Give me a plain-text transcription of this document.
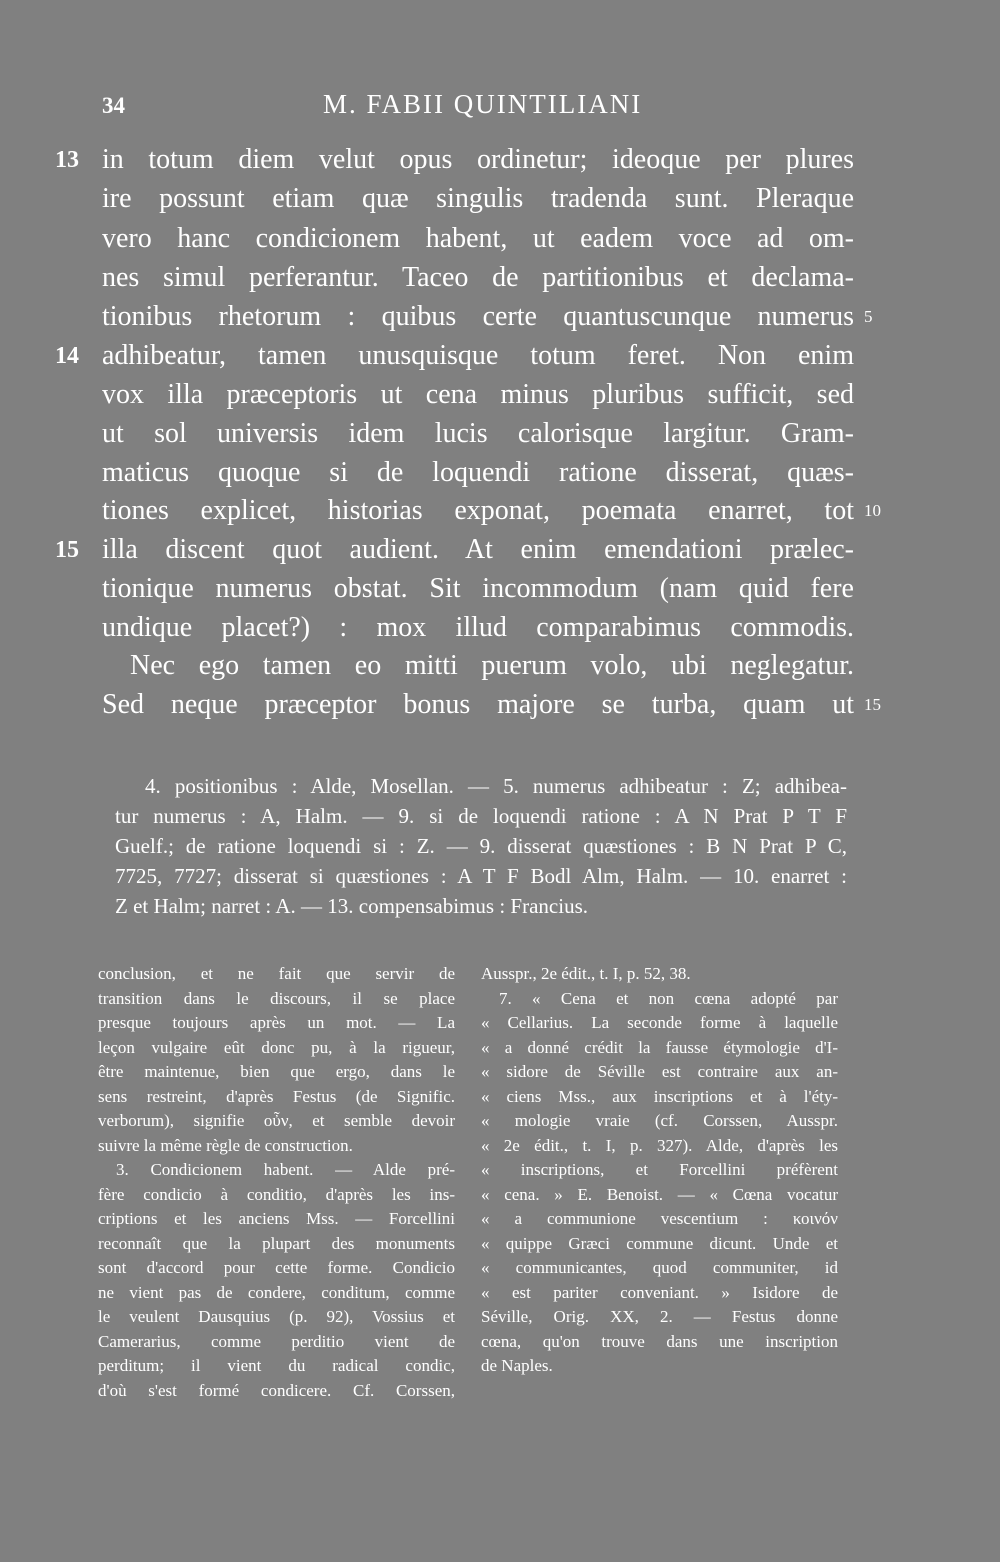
34	M. FABII QUINTILIANI
13
14
15
in totum diem velut opus ordinetur; ideoque per plures
ire possunt etiam quæ singulis tradenda sunt. Pleraque
vero hanc condicionem habent, ut eadem voce ad om-
nes simul perferantur. Taceo de partitionibus et declama-
tionibus rhetorum : quibus certe quantuscunque numerus
adhibeatur, tamen unusquisque totum feret. Non enim
vox illa præceptoris ut cena minus pluribus sufficit, sed
ut sol universis idem lucis calorisque largitur. Gram-
maticus quoque si de loquendi ratione disserat, quæs-
tiones explicet, historias exponat, poemata enarret, tot
illa discent quot audient. At enim emendationi prælec-
tionique numerus obstat. Sit incommodum (nam quid fere
undique placet?) : mox illud comparabimus commodis.
Nec ego tamen eo mitti puerum volo, ubi neglegatur.
Sed neque præceptor bonus majore se turba, quam ut
5
10
15
4. positionibus : Alde, Mosellan. — 5. numerus adhibeatur : Z; adhibea-
tur numerus : A, Halm. — 9. si de loquendi ratione : A N Prat P T F
Guelf.; de ratione loquendi si : Z. — 9. disserat quæstiones : B N Prat P C,
7725, 7727; disserat si quæstiones : A T F Bodl Alm, Halm. — 10. enarret :
Z et Halm; narret : A. — 13. compensabimus : Francius.
conclusion, et ne fait que servir de
transition dans le discours, il se place
presque toujours après un mot. — La
leçon vulgaire eût donc pu, à la rigueur,
être maintenue, bien que ergo, dans le
sens restreint, d'après Festus (de Signific.
verborum), signifie οὖν, et semble devoir
suivre la même règle de construction.
3. Condicionem habent. — Alde pré-
fère condicio à conditio, d'après les ins-
criptions et les anciens Mss. — Forcellini
reconnaît que la plupart des monuments
sont d'accord pour cette forme. Condicio
ne vient pas de condere, conditum, comme
le veulent Dausquius (p. 92), Vossius et
Camerarius, comme perditio vient de
perditum; il vient du radical condic,
d'où s'est formé condicere. Cf. Corssen,
Ausspr., 2e édit., t. I, p. 52, 38.
7. « Cena et non cœna adopté par
« Cellarius. La seconde forme à laquelle
« a donné crédit la fausse étymologie d'I-
« sidore de Séville est contraire aux an-
« ciens Mss., aux inscriptions et à l'éty-
« mologie vraie (cf. Corssen, Ausspr.
« 2e édit., t. I, p. 327). Alde, d'après les
« inscriptions, et Forcellini préfèrent
« cena. » E. Benoist. — « Cœna vocatur
« a communione vescentium : κοινόν
« quippe Græci commune dicunt. Unde et
« communicantes, quod communiter, id
« est pariter conveniant. » Isidore de
Séville, Orig. XX, 2. — Festus donne
cœna, qu'on trouve dans une inscription
de Naples.
